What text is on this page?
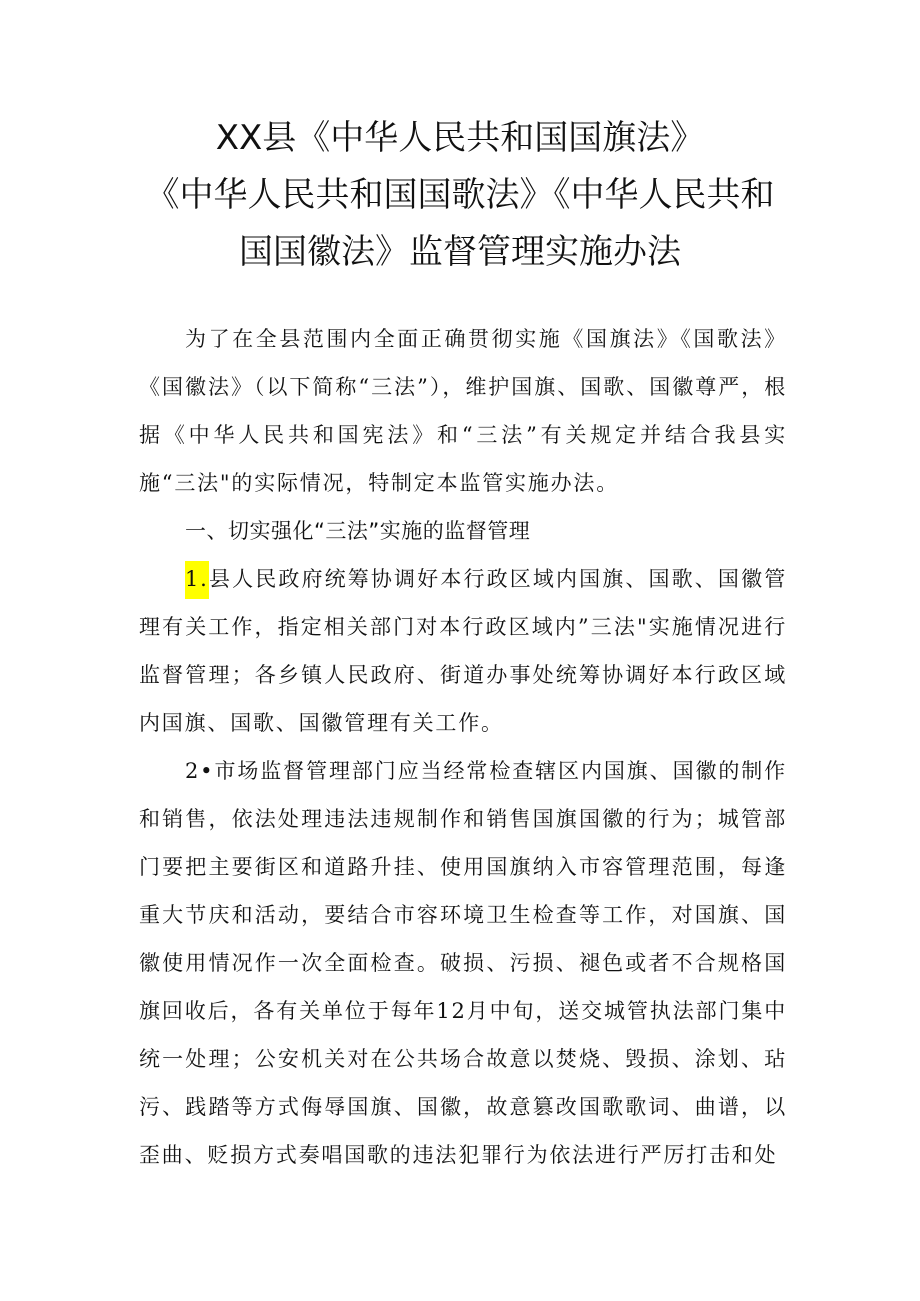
XX县《中华人民共和国国旗法》
《中华人民共和国国歌法》《中华人民共和
国国徽法》监督管理实施办法

为了在全县范围内全面正确贯彻实施《国旗法》《国歌法》《国徽法》（以下简称“三法”），维护国旗、国歌、国徽尊严，根据《中华人民共和国宪法》和“三法”有关规定并结合我县实施“三法"的实际情况，特制定本监管实施办法。

一、切实强化“三法”实施的监督管理

1.县人民政府统筹协调好本行政区域内国旗、国歌、国徽管理有关工作，指定相关部门对本行政区域内”三法"实施情况进行监督管理；各乡镇人民政府、街道办事处统筹协调好本行政区域内国旗、国歌、国徽管理有关工作。

2•市场监督管理部门应当经常检查辖区内国旗、国徽的制作和销售，依法处理违法违规制作和销售国旗国徽的行为；城管部门要把主要街区和道路升挂、使用国旗纳入市容管理范围，每逢重大节庆和活动，要结合市容环境卫生检查等工作，对国旗、国徽使用情况作一次全面检查。破损、污损、褪色或者不合规格国旗回收后，各有关单位于每年12月中旬，送交城管执法部门集中统一处理；公安机关对在公共场合故意以焚烧、毁损、涂划、玷污、践踏等方式侮辱国旗、国徽，故意篡改国歌歌词、曲谱，以歪曲、贬损方式奏唱国歌的违法犯罪行为依法进行严厉打击和处
